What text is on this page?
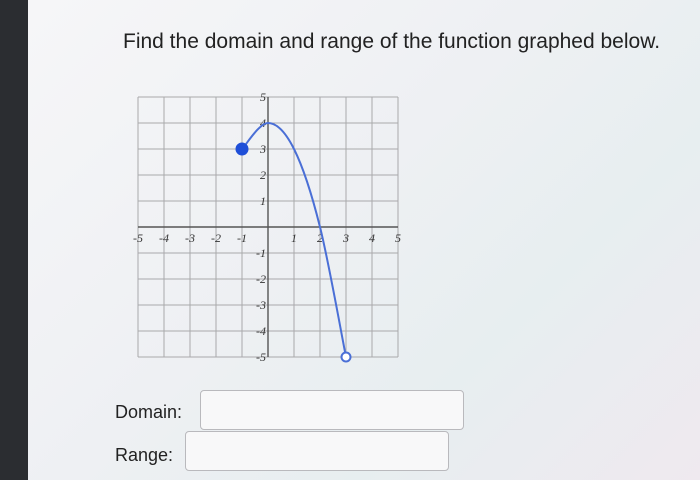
Find the domain and range of the function graphed below.
-5 -4 -3 -2 -1	1 2 3 4 5
5
4
3
2
1
-1
-2
-3
-4
-5
Domain:
Range:
